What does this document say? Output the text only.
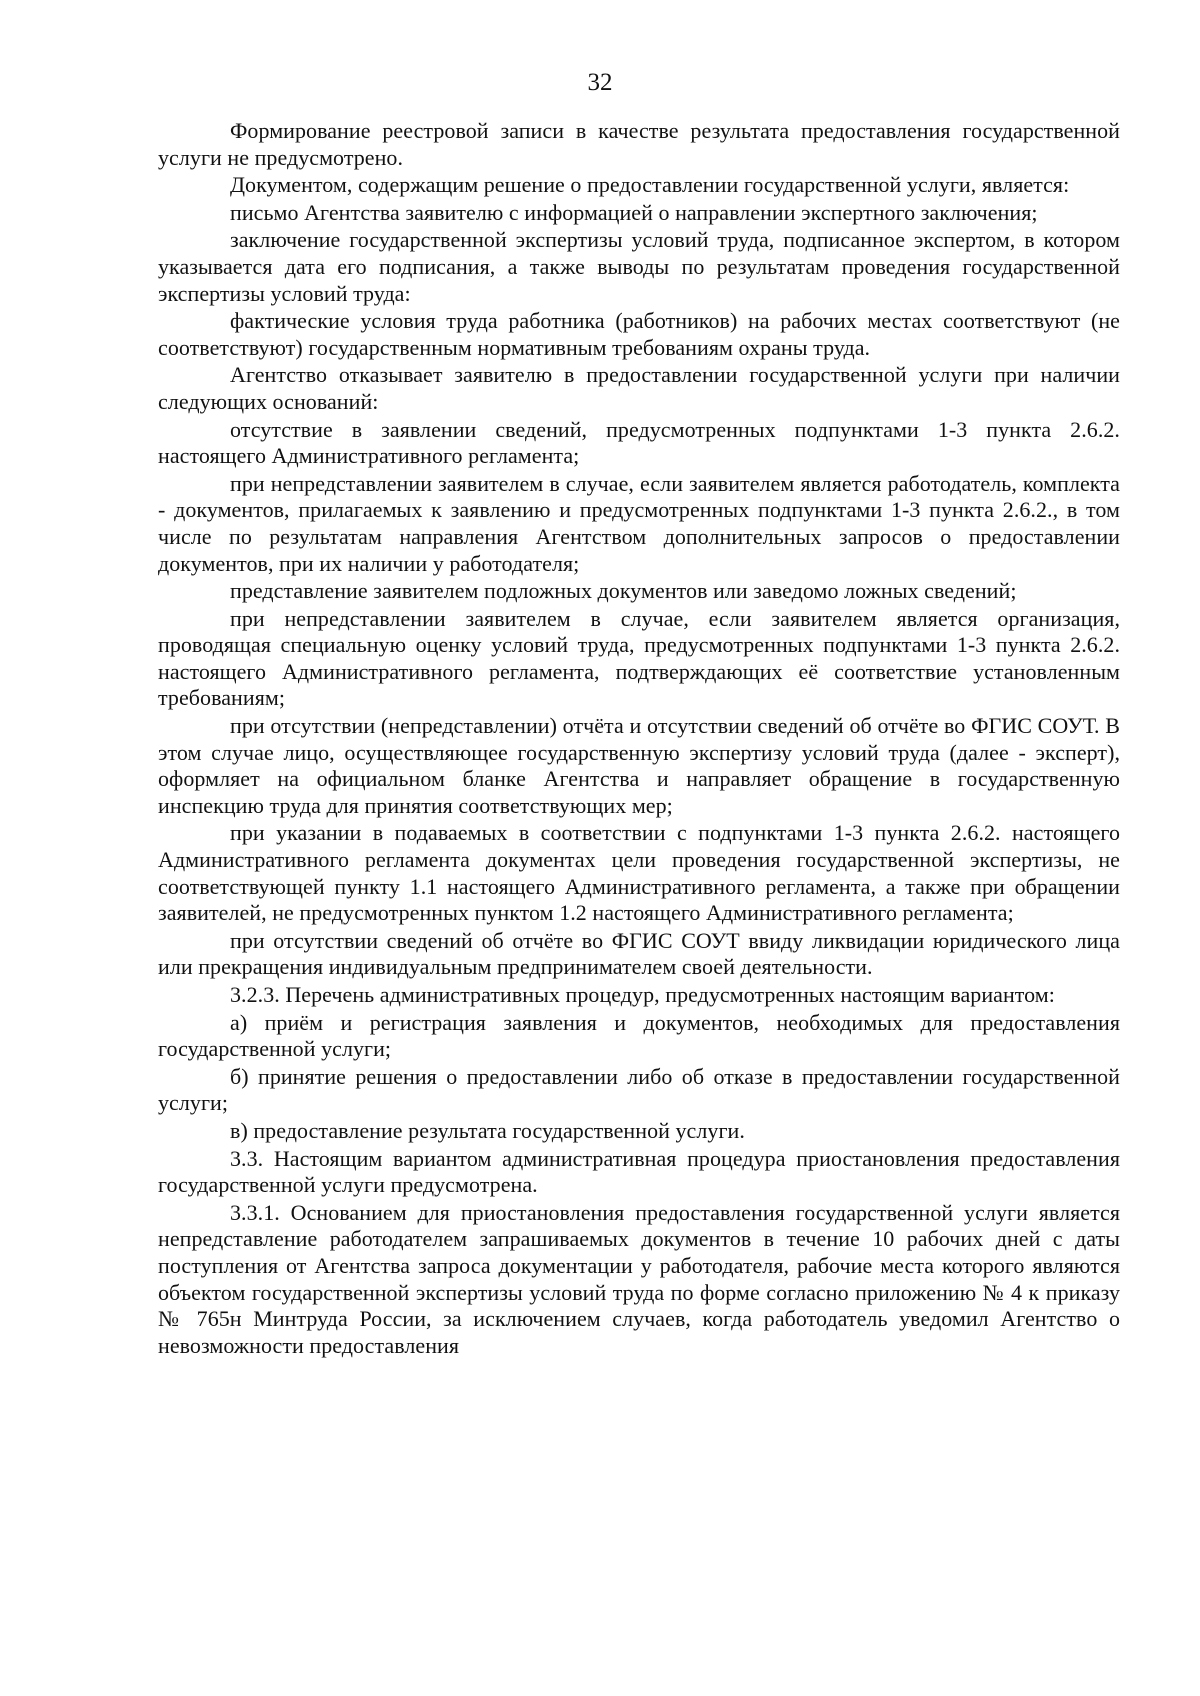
32

Формирование реестровой записи в качестве результата предоставления государственной услуги не предусмотрено.

Документом, содержащим решение о предоставлении государственной услуги, является:

письмо Агентства заявителю с информацией о направлении экспертного заключения;

заключение государственной экспертизы условий труда, подписанное экспертом, в котором указывается дата его подписания, а также выводы по результатам проведения государственной экспертизы условий труда:

фактические условия труда работника (работников) на рабочих местах соответствуют (не соответствуют) государственным нормативным требованиям охраны труда.

Агентство отказывает заявителю в предоставлении государственной услуги при наличии следующих оснований:

отсутствие в заявлении сведений, предусмотренных подпунктами 1-3 пункта 2.6.2. настоящего Административного регламента;

при непредставлении заявителем в случае, если заявителем является работодатель, комплекта - документов, прилагаемых к заявлению и предусмотренных подпунктами 1-3 пункта 2.6.2., в том числе по результатам направления Агентством дополнительных запросов о предоставлении документов, при их наличии у работодателя;

представление заявителем подложных документов или заведомо ложных сведений;

при непредставлении заявителем в случае, если заявителем является организация, проводящая специальную оценку условий труда, предусмотренных подпунктами 1-3 пункта 2.6.2. настоящего Административного регламента, подтверждающих её соответствие установленным требованиям;

при отсутствии (непредставлении) отчёта и отсутствии сведений об отчёте во ФГИС СОУТ. В этом случае лицо, осуществляющее государственную экспертизу условий труда (далее - эксперт), оформляет на официальном бланке Агентства и направляет обращение в государственную инспекцию труда для принятия соответствующих мер;

при указании в подаваемых в соответствии с подпунктами 1-3 пункта 2.6.2. настоящего Административного регламента документах цели проведения государственной экспертизы, не соответствующей пункту 1.1 настоящего Административного регламента, а также при обращении заявителей, не предусмотренных пунктом 1.2 настоящего Административного регламента;

при отсутствии сведений об отчёте во ФГИС СОУТ ввиду ликвидации юридического лица или прекращения индивидуальным предпринимателем своей деятельности.

3.2.3. Перечень административных процедур, предусмотренных настоящим вариантом:

а) приём и регистрация заявления и документов, необходимых для предоставления государственной услуги;

б) принятие решения о предоставлении либо об отказе в предоставлении государственной услуги;

в) предоставление результата государственной услуги.

3.3. Настоящим вариантом административная процедура приостановления предоставления государственной услуги предусмотрена.

3.3.1. Основанием для приостановления предоставления государственной услуги является непредставление работодателем запрашиваемых документов в течение 10 рабочих дней с даты поступления от Агентства запроса документации у работодателя, рабочие места которого являются объектом государственной экспертизы условий труда по форме согласно приложению № 4 к приказу № 765н Минтруда России, за исключением случаев, когда работодатель уведомил Агентство о невозможности предоставления
